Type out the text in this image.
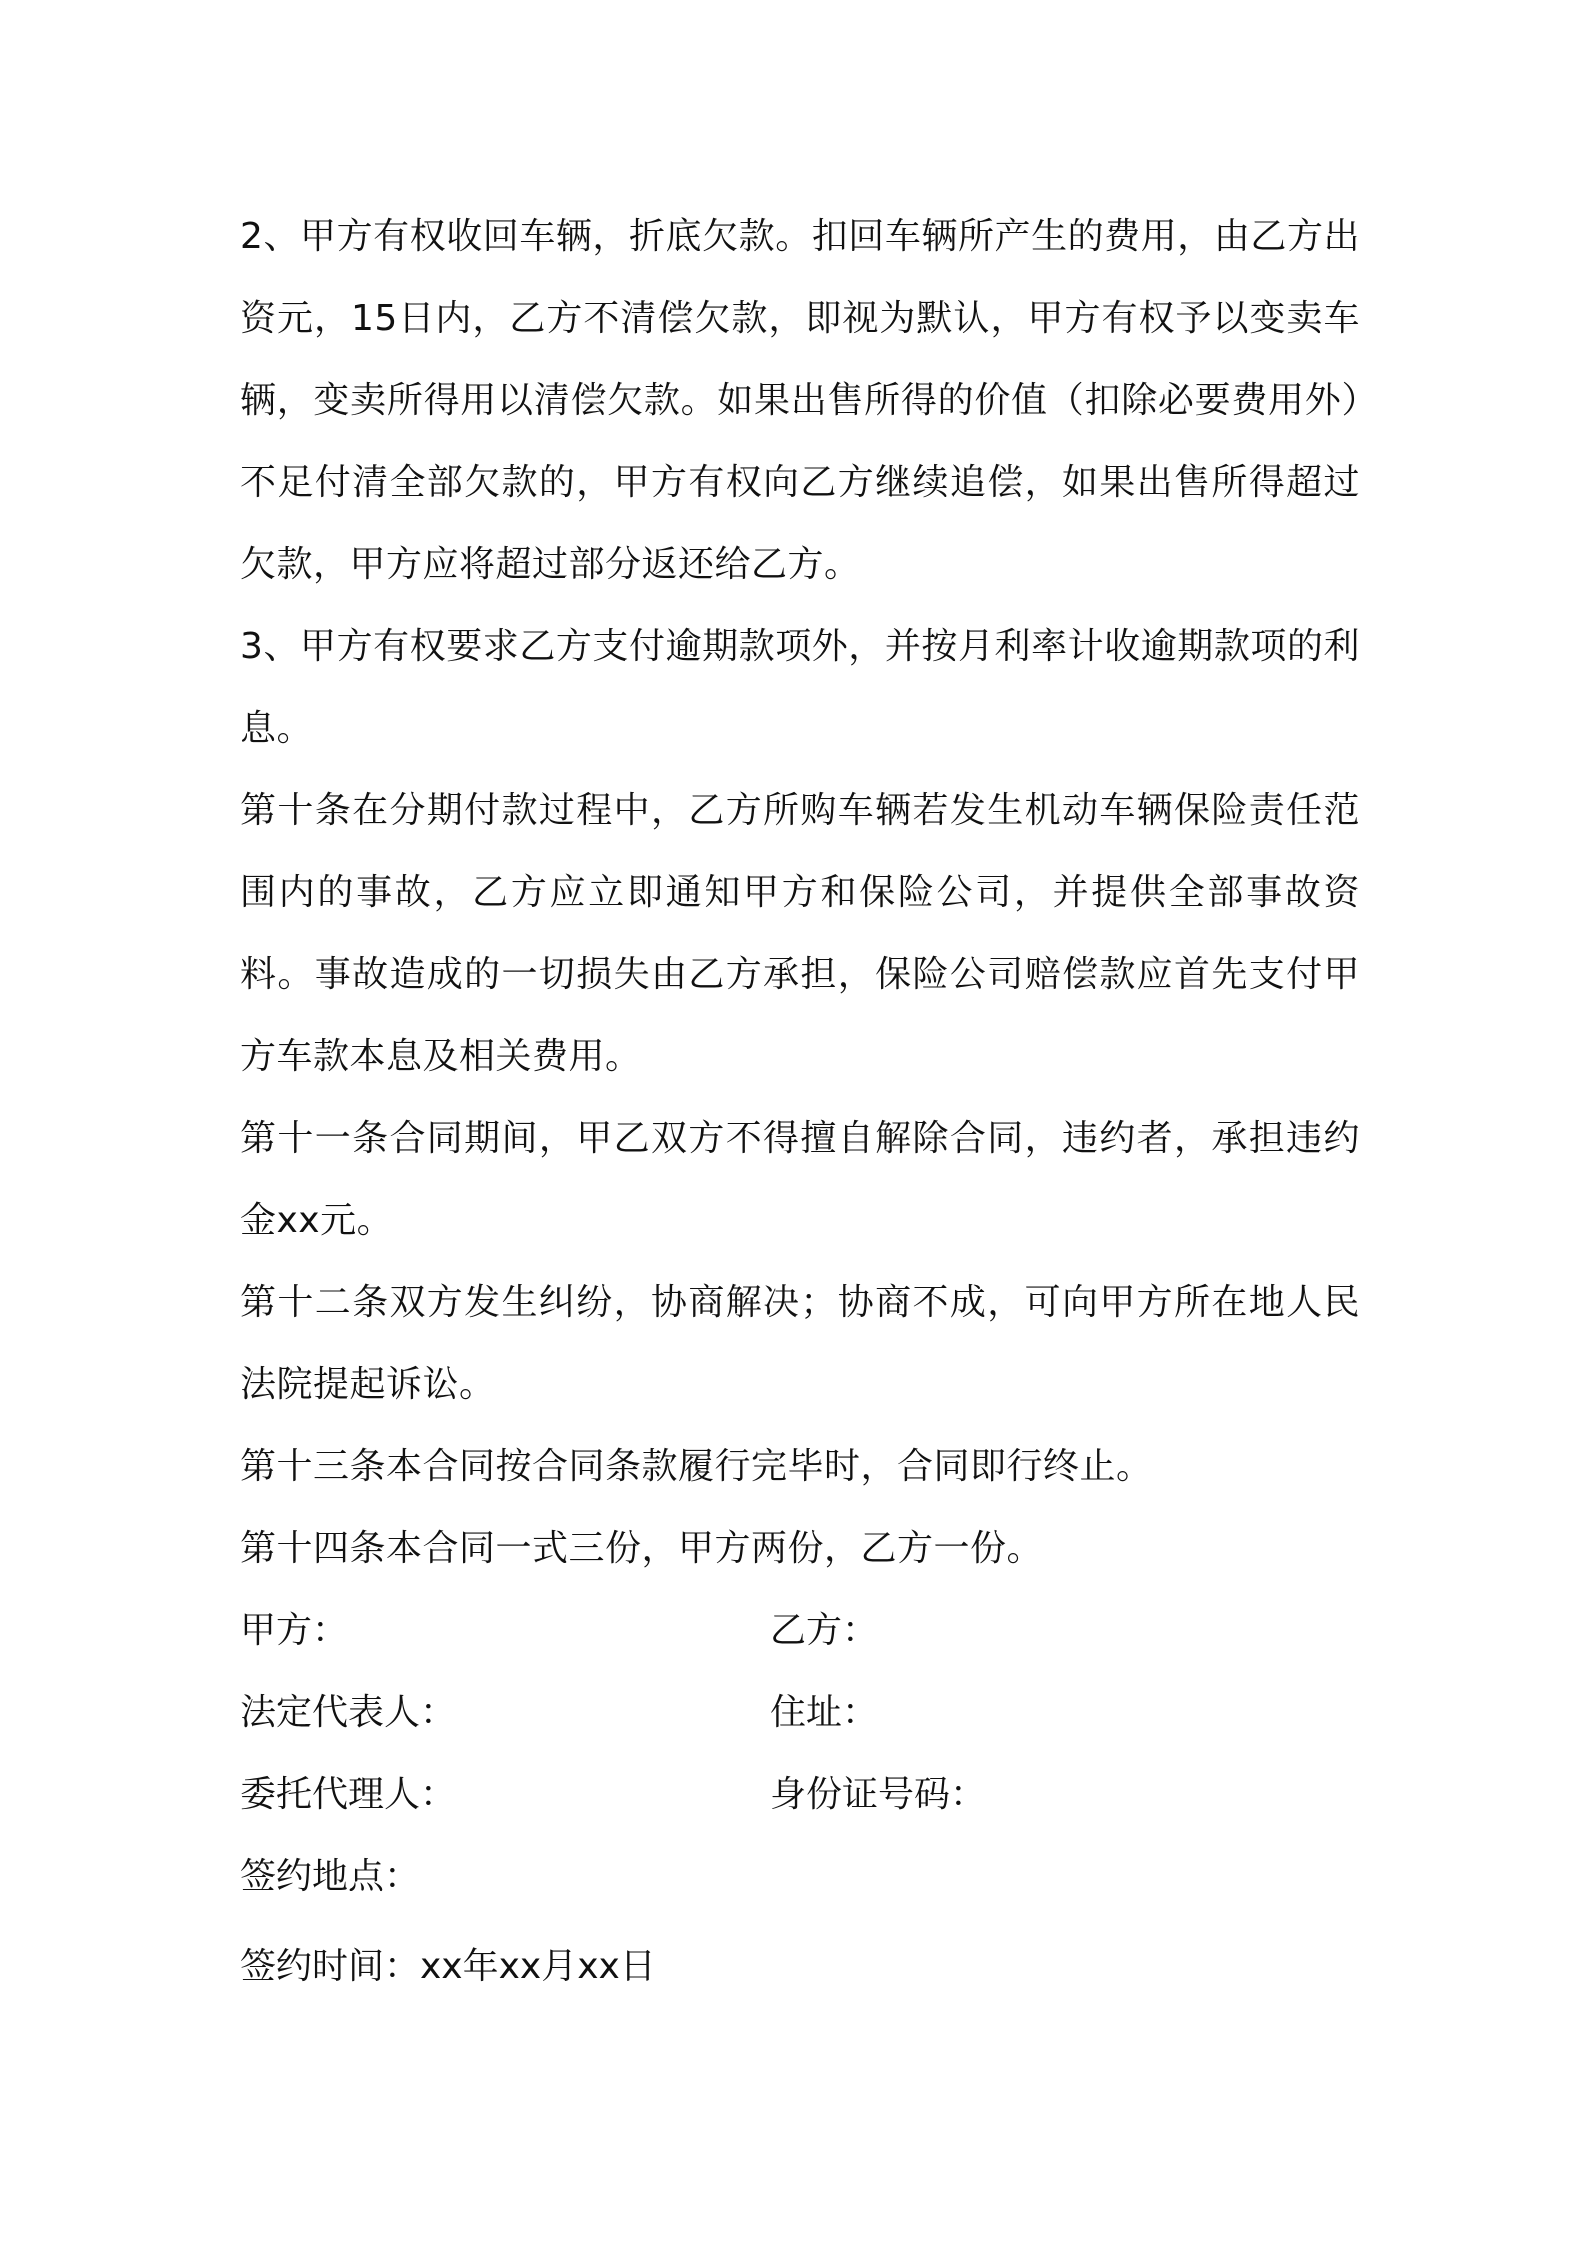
2、甲方有权收回车辆，折底欠款。扣回车辆所产生的费用，由乙方出资元，15日内，乙方不清偿欠款，即视为默认，甲方有权予以变卖车辆，变卖所得用以清偿欠款。如果出售所得的价值（扣除必要费用外）不足付清全部欠款的，甲方有权向乙方继续追偿，如果出售所得超过欠款，甲方应将超过部分返还给乙方。

3、甲方有权要求乙方支付逾期款项外，并按月利率计收逾期款项的利息。

第十条在分期付款过程中，乙方所购车辆若发生机动车辆保险责任范围内的事故，乙方应立即通知甲方和保险公司，并提供全部事故资料。事故造成的一切损失由乙方承担，保险公司赔偿款应首先支付甲方车款本息及相关费用。

第十一条合同期间，甲乙双方不得擅自解除合同，违约者，承担违约金xx元。

第十二条双方发生纠纷，协商解决；协商不成，可向甲方所在地人民法院提起诉讼。

第十三条本合同按合同条款履行完毕时，合同即行终止。

第十四条本合同一式三份，甲方两份，乙方一份。

甲方：	乙方：
法定代表人：	住址：
委托代理人：	身份证号码：

签约地点：

签约时间：xx年xx月xx日
